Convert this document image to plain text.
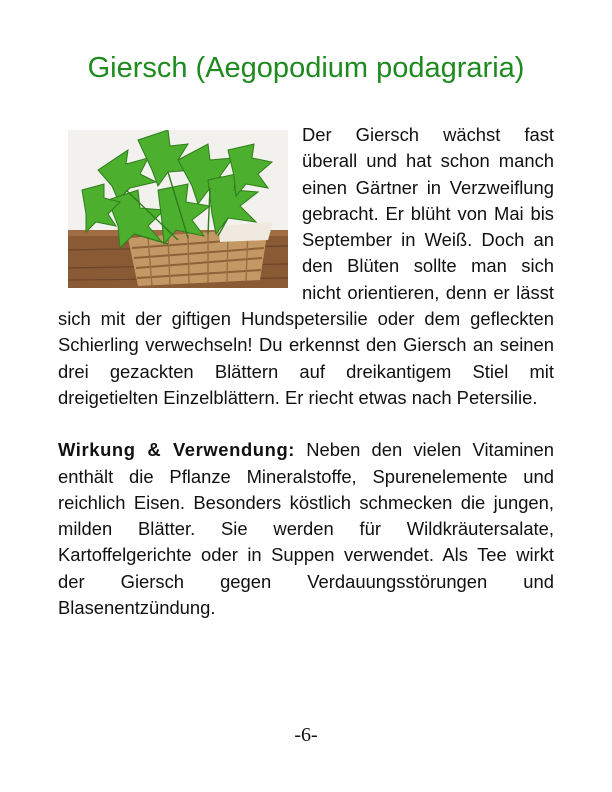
Giersch (Aegopodium podagraria)

Der Giersch wächst fast überall und hat schon manch einen Gärtner in Verzweiflung gebracht. Er blüht von Mai bis September in Weiß. Doch an den Blüten sollte man sich nicht orientieren, denn er lässt sich mit der giftigen Hundspetersilie oder dem gefleckten Schierling verwechseln! Du erkennst den Giersch an seinen drei gezackten Blättern auf dreikantigem Stiel mit dreigetielten Einzelblättern. Er riecht etwas nach Petersilie.

Wirkung & Verwendung: Neben den vielen Vitaminen enthält die Pflanze Mineralstoffe, Spurenelemente und reichlich Eisen. Besonders köstlich schmecken die jungen, milden Blätter. Sie werden für Wildkräutersalate, Kartoffelgerichte oder in Suppen verwendet. Als Tee wirkt der Giersch gegen Verdauungsstörungen und Blasenentzündung.

-6-
